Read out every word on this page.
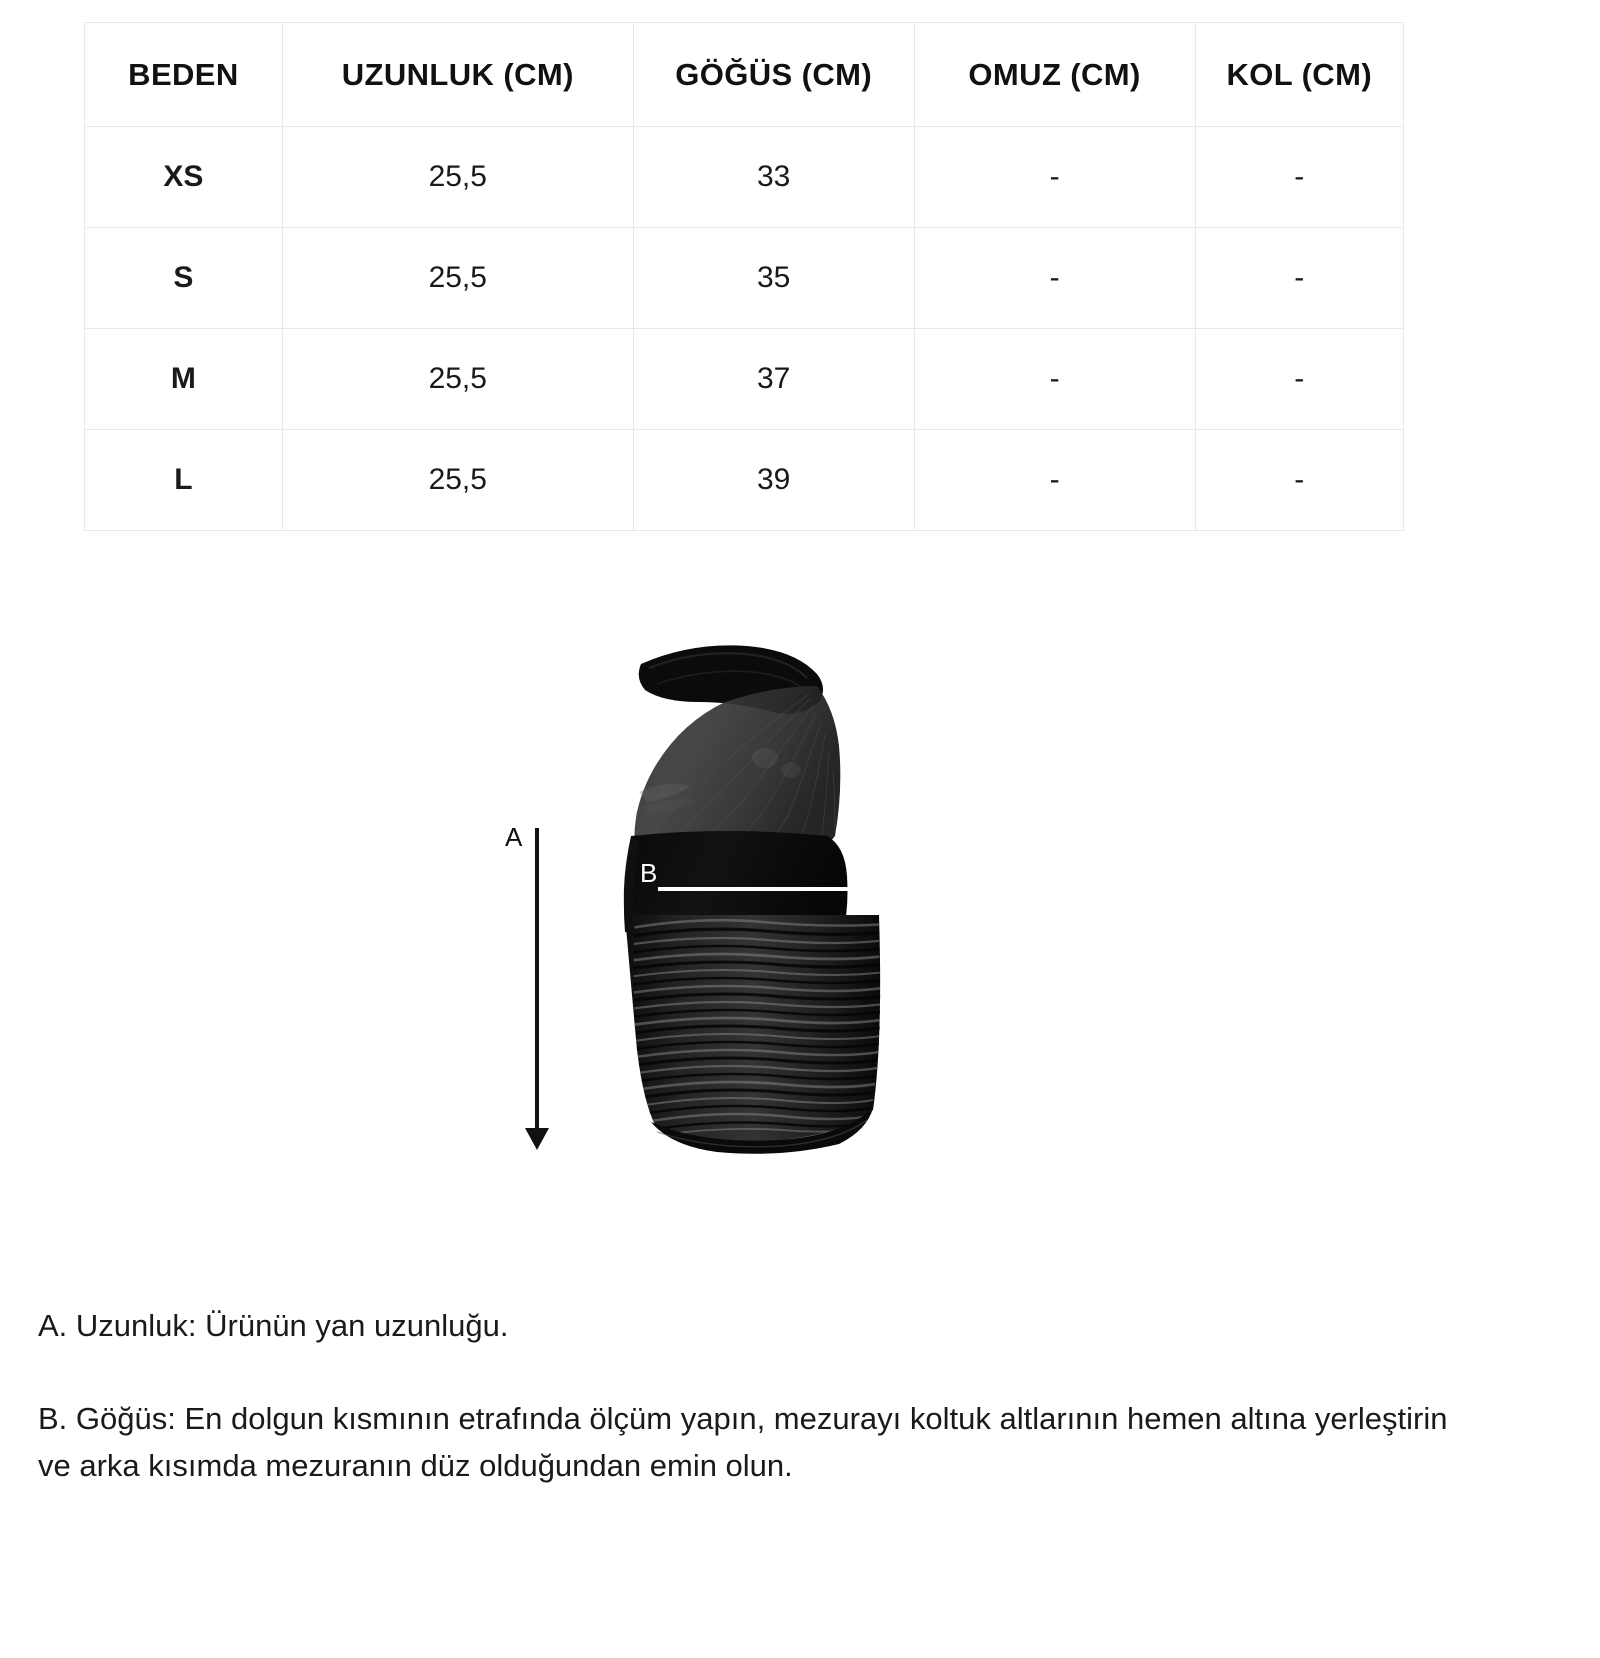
BEDEN	UZUNLUK (CM)	GÖĞÜS (CM)	OMUZ (CM)	KOL (CM)
XS	25,5	33	-	-
S	25,5	35	-	-
M	25,5	37	-	-
L	25,5	39	-	-
A
B

A. Uzunluk: Ürünün yan uzunluğu.

B. Göğüs: En dolgun kısmının etrafında ölçüm yapın, mezurayı koltuk altlarının hemen altına yerleştirin ve arka kısımda mezuranın düz olduğundan emin olun.
